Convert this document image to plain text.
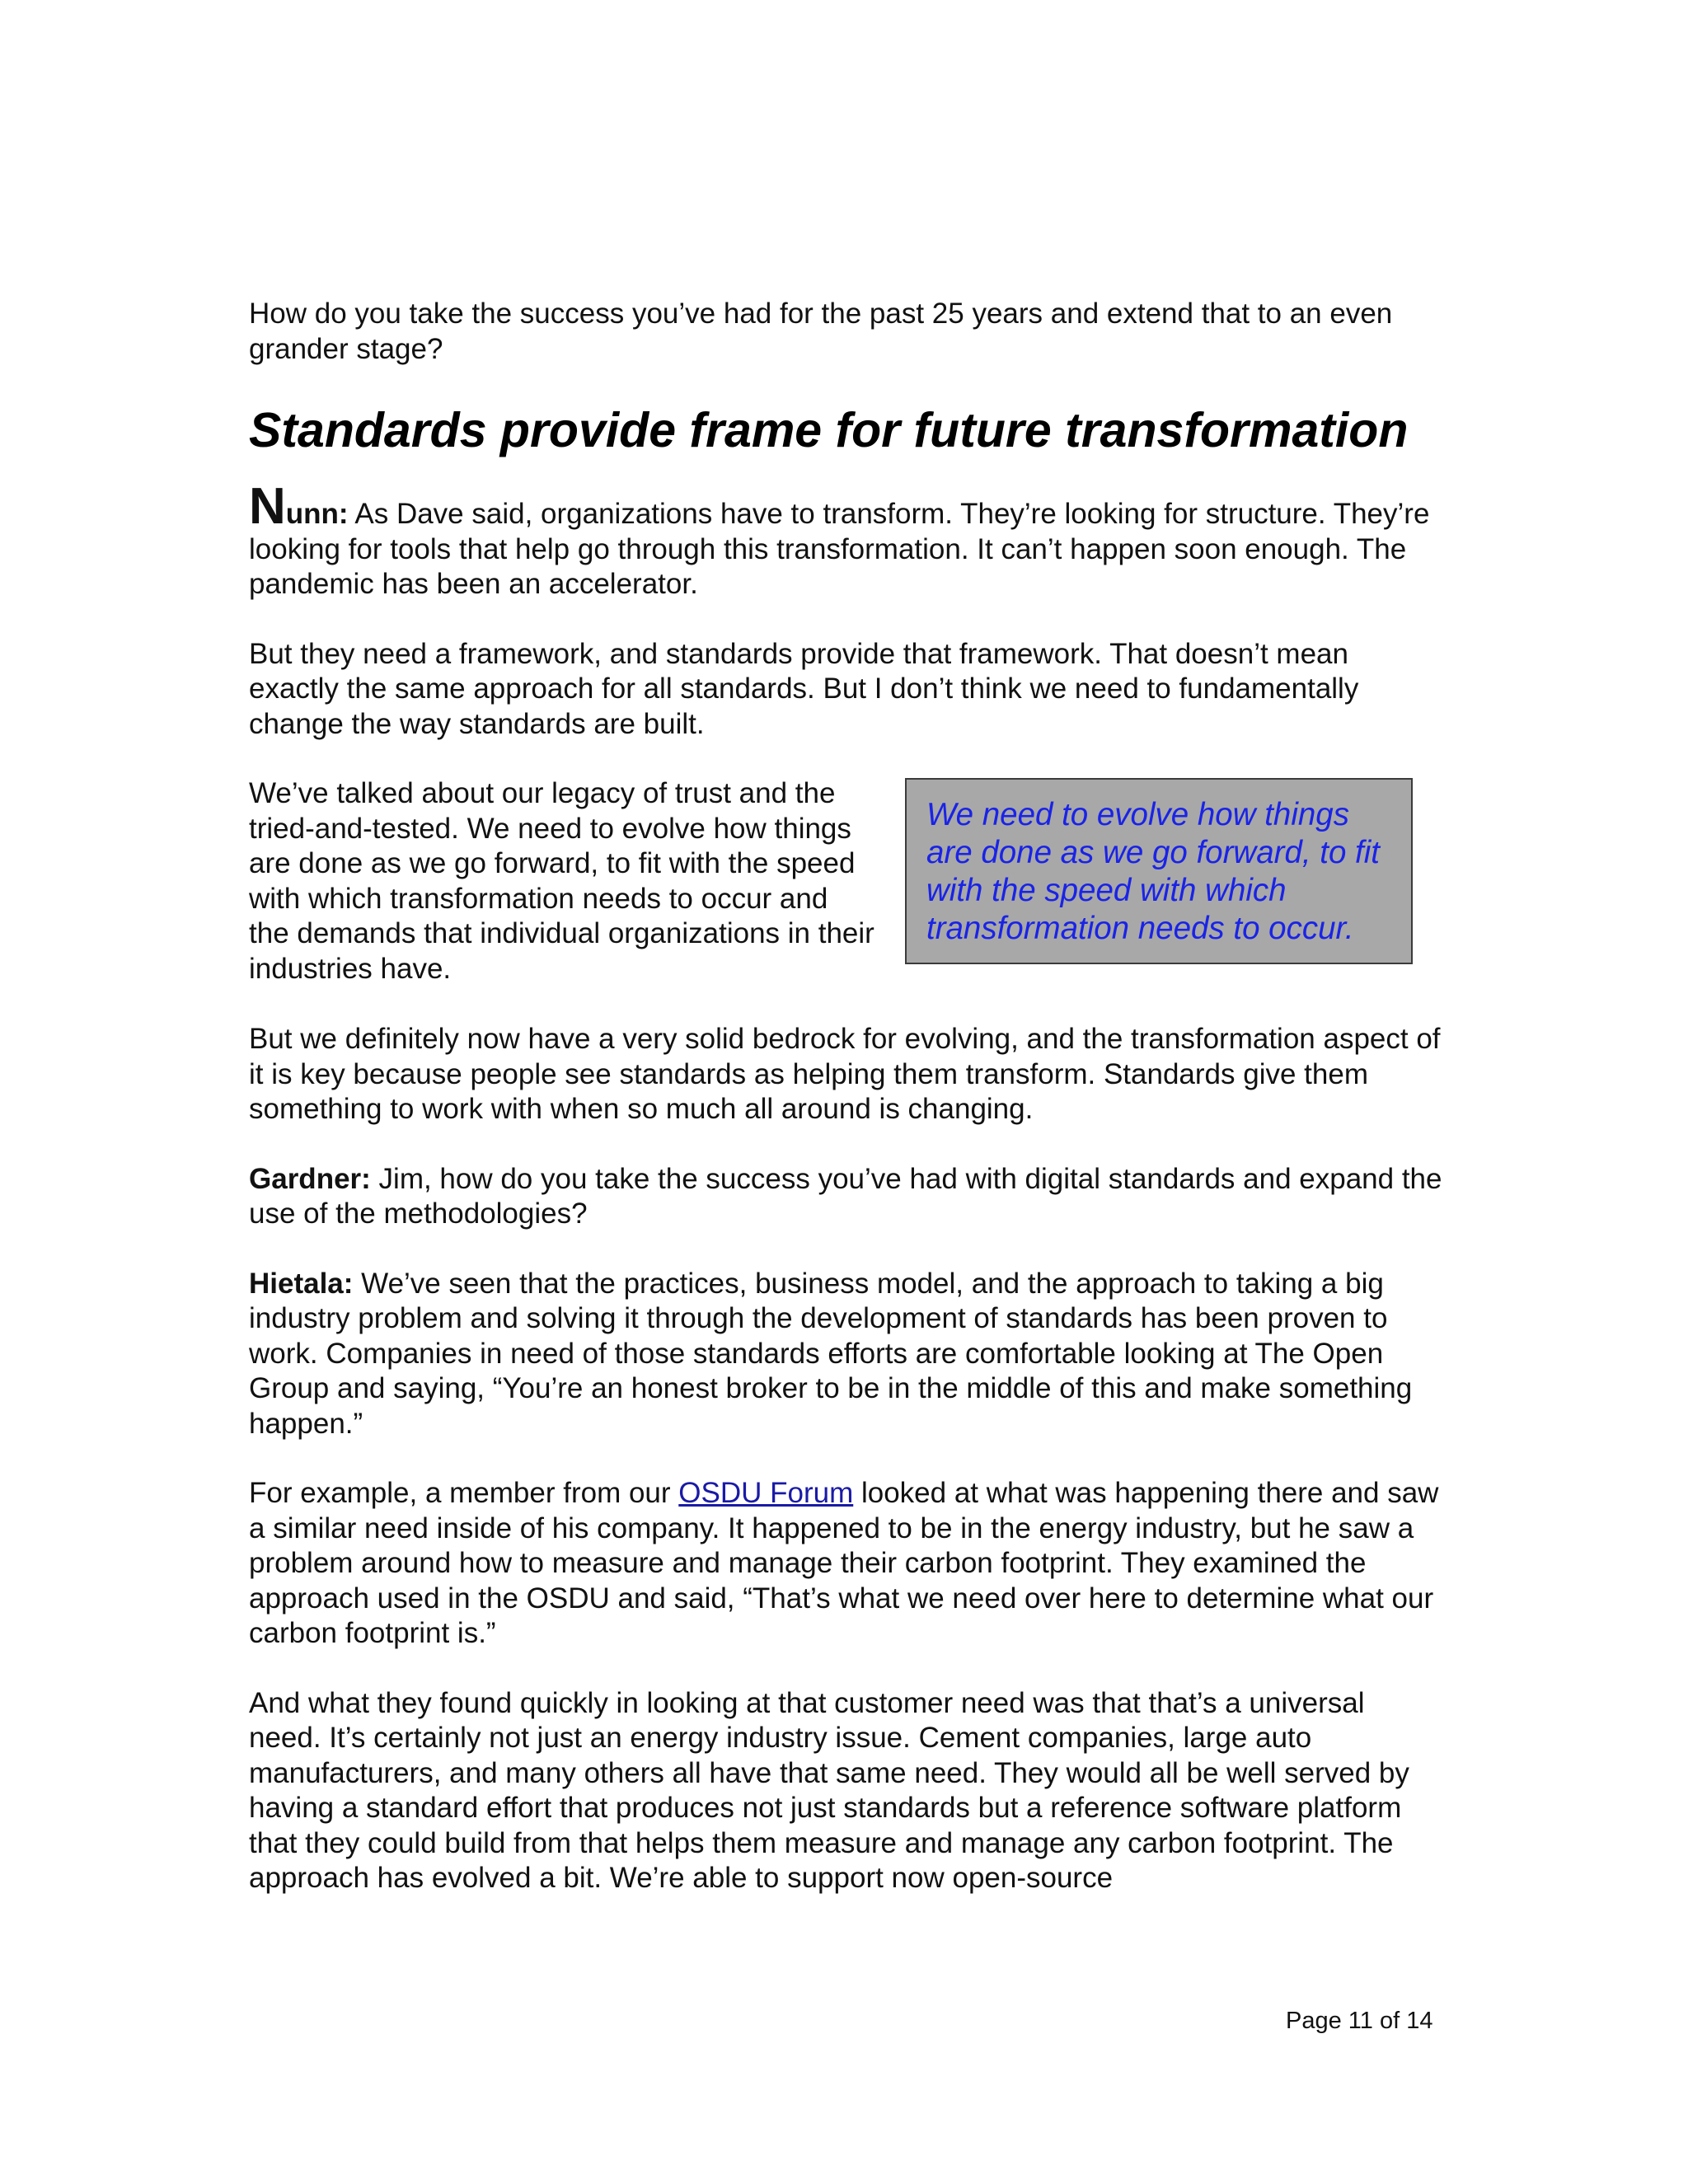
How do you take the success you’ve had for the past 25 years and extend that to an even grander stage?

Standards provide frame for future transformation

Nunn: As Dave said, organizations have to transform. They’re looking for structure. They’re looking for tools that help go through this transformation. It can’t happen soon enough. The pandemic has been an accelerator.

But they need a framework, and standards provide that framework. That doesn’t mean exactly the same approach for all standards. But I don’t think we need to fundamentally change the way standards are built.

We’ve talked about our legacy of trust and the tried-and-tested. We need to evolve how things are done as we go forward, to fit with the speed with which transformation needs to occur and the demands that individual organizations in their industries have.
We need to evolve how things are done as we go forward, to fit with the speed with which transformation needs to occur.

But we definitely now have a very solid bedrock for evolving, and the transformation aspect of it is key because people see standards as helping them transform. Standards give them something to work with when so much all around is changing.

Gardner: Jim, how do you take the success you’ve had with digital standards and expand the use of the methodologies?

Hietala: We’ve seen that the practices, business model, and the approach to taking a big industry problem and solving it through the development of standards has been proven to work. Companies in need of those standards efforts are comfortable looking at The Open Group and saying, “You’re an honest broker to be in the middle of this and make something happen.”

For example, a member from our OSDU Forum looked at what was happening there and saw a similar need inside of his company. It happened to be in the energy industry, but he saw a problem around how to measure and manage their carbon footprint. They examined the approach used in the OSDU and said, “That’s what we need over here to determine what our carbon footprint is.”

And what they found quickly in looking at that customer need was that that’s a universal need. It’s certainly not just an energy industry issue. Cement companies, large auto manufacturers, and many others all have that same need. They would all be well served by having a standard effort that produces not just standards but a reference software platform that they could build from that helps them measure and manage any carbon footprint. The approach has evolved a bit. We’re able to support now open-source

Page 11 of 14
